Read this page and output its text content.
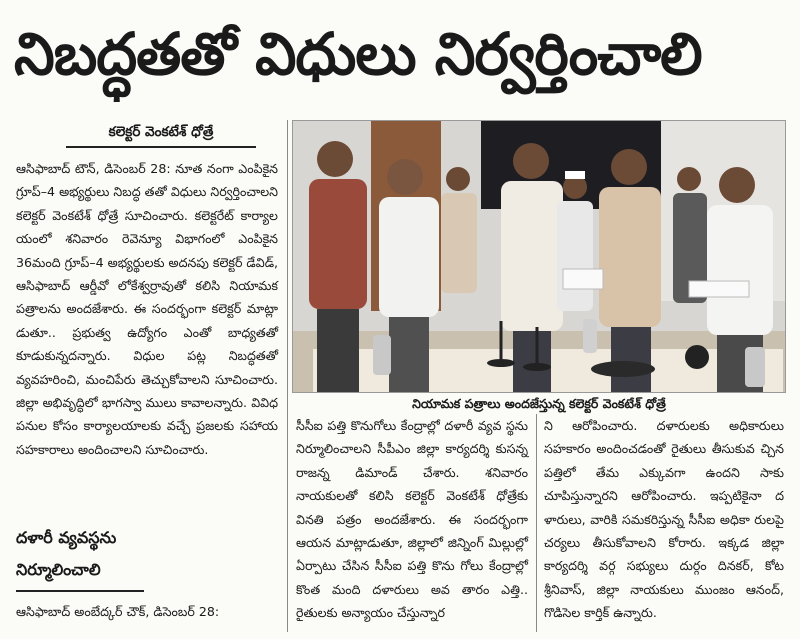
నిబద్ధతతో విధులు నిర్వర్తించాలి
కలెక్టర్ వెంకటేశ్ ధోత్రే

ఆసిఫాబాద్ టౌన్, డిసెంబర్ 28: నూత నంగా ఎంపికైన గ్రూప్–4 అభ్యర్థులు నిబద్ధ తతో విధులు నిర్వర్తించాలని కలెక్టర్ వెంకటేశ్ ధోత్రే సూచించారు. కలెక్టరేట్ కార్యాల యంలో శనివారం రెవెన్యూ విభాగంలో ఎంపికైన 36మంది గ్రూప్–4 అభ్యర్థులకు అదనపు కలెక్టర్ డేవిడ్, ఆసిఫాబాద్ ఆర్డీవో లోకేశ్వర్రావుతో కలిసి నియామక పత్రాలను అందజేశారు. ఈ సందర్భంగా కలెక్టర్ మాట్లా డుతూ.. ప్రభుత్వ ఉద్యోగం ఎంతో బాధ్యతతో కూడుకున్నదన్నారు. విధుల పట్ల నిబద్ధతతో వ్యవహరించి, మంచిపేరు తెచ్చుకోవాలని సూచించారు. జిల్లా అభివృద్ధిలో భాగస్వా ములు కావాలన్నారు. వివిధ పనుల కోసం కార్యాలయాలకు వచ్చే ప్రజలకు సహాయ సహకారాలు అందించాలని సూచించారు.

దళారీ వ్యవస్థను
నిర్మూలించాలి

ఆసిఫాబాద్ అంబేద్కర్ చౌక్, డిసెంబర్ 28:

నియామక పత్రాలు అందజేస్తున్న కలెక్టర్ వెంకటేశ్ ధోత్రే

సీసీఐ పత్తి కొనుగోలు కేంద్రాల్లో దళారీ వ్యవ స్థను నిర్మూలించాలని సీపీఎం జిల్లా కార్యదర్శి కుసన్న రాజన్న డిమాండ్ చేశారు. శనివారం నాయకులతో కలిసి కలెక్టర్ వెంకటేశ్ ధోత్రేకు వినతి పత్రం అందజేశారు. ఈ సందర్భంగా ఆయన మాట్లాడుతూ, జిల్లాలో జిన్నింగ్ మిల్లుల్లో ఏర్పాటు చేసిన సీసీఐ పత్తి కొను గోలు కేంద్రాల్లో కొంత మంది దళారులు అవ తారం ఎత్తి.. రైతులకు అన్యాయం చేస్తున్నార

ని ఆరోపించారు. దళారులకు అధికారులు సహకారం అందించడంతో రైతులు తీసుకువ చ్చిన పత్తిలో తేమ ఎక్కువగా ఉందని సాకు చూపిస్తున్నారని ఆరోపించారు. ఇప్పటికైనా ద ళారులు, వారికి సమకరిస్తున్న సీసీఐ అధికా రులపై చర్యలు తీసుకోవాలని కోరారు. ఇక్కడ జిల్లా కార్యదర్శి వర్గ సభ్యులు దుర్గం దినకర్, కోట శ్రీనివాస్, జిల్లా నాయకులు ముంజం ఆనంద్, గొడిసెల కార్తిక్ ఉన్నారు.
